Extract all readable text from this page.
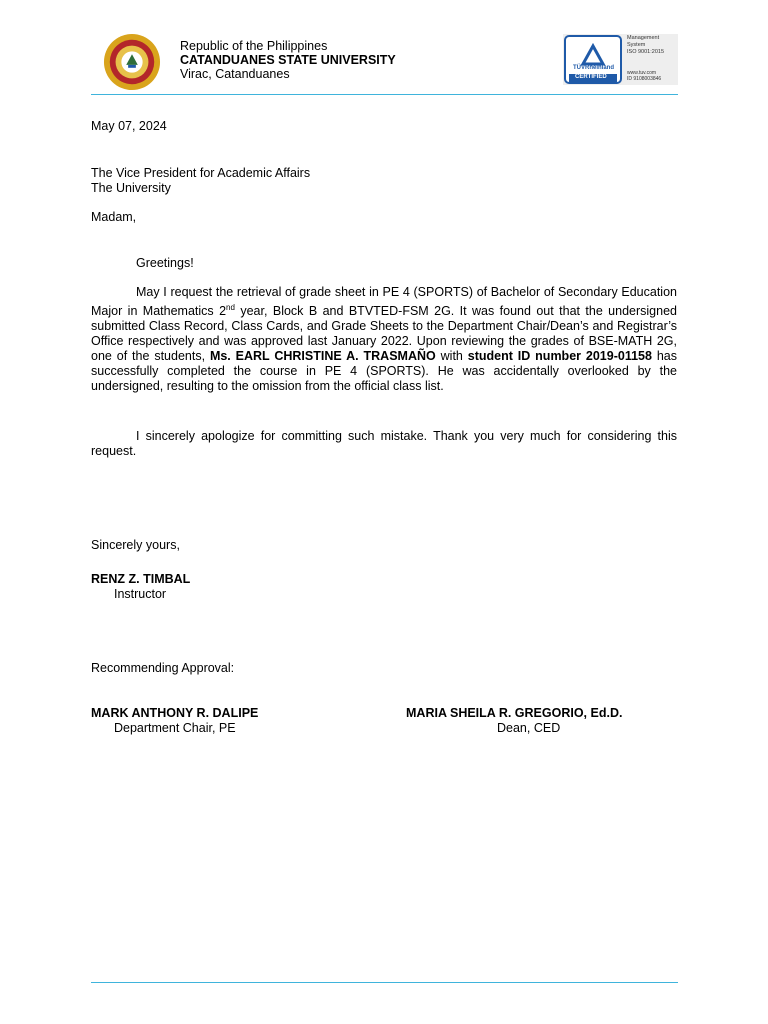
Republic of the Philippines
CATANDUANES STATE UNIVERSITY
Virac, Catanduanes	TÜVRheinland
CERTIFIED
Management
System
ISO 9001:2015
www.tuv.com
ID 9108003846
May 07, 2024
The Vice President for Academic Affairs
The University
Madam,
Greetings!
May I request the retrieval of grade sheet in PE 4 (SPORTS) of Bachelor of Secondary Education Major in Mathematics 2nd year, Block B and BTVTED-FSM 2G. It was found out that the undersigned submitted Class Record, Class Cards, and Grade Sheets to the Department Chair/Dean’s and Registrar’s Office respectively and was approved last January 2022. Upon reviewing the grades of BSE-MATH 2G, one of the students, Ms. EARL CHRISTINE A. TRASMAÑO with student ID number 2019-01158 has successfully completed the course in PE 4 (SPORTS). He was accidentally overlooked by the undersigned, resulting to the omission from the official class list.
I sincerely apologize for committing such mistake. Thank you very much for considering this request.
Sincerely yours,
RENZ Z. TIMBAL
Instructor
Recommending Approval:
MARK ANTHONY R. DALIPE
Department Chair, PE
MARIA SHEILA R. GREGORIO, Ed.D.
Dean, CED
